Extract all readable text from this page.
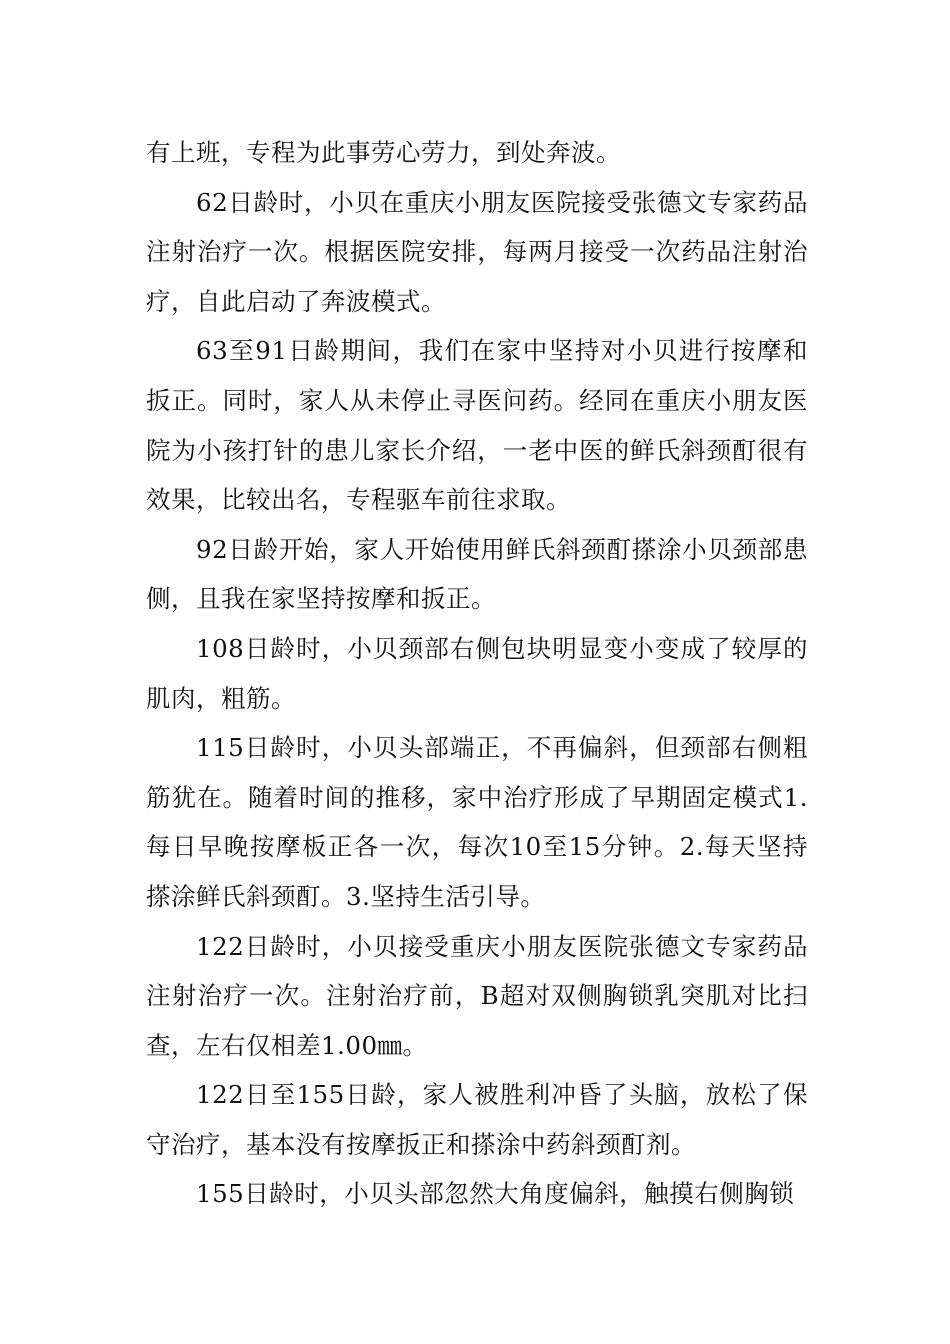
有上班，专程为此事劳心劳力，到处奔波。

62日龄时，小贝在重庆小朋友医院接受张德文专家药品注射治疗一次。根据医院安排，每两月接受一次药品注射治疗，自此启动了奔波模式。

63至91日龄期间，我们在家中坚持对小贝进行按摩和扳正。同时，家人从未停止寻医问药。经同在重庆小朋友医院为小孩打针的患儿家长介绍，一老中医的鲜氏斜颈酊很有效果，比较出名，专程驱车前往求取。

92日龄开始，家人开始使用鲜氏斜颈酊搽涂小贝颈部患侧，且我在家坚持按摩和扳正。

108日龄时，小贝颈部右侧包块明显变小变成了较厚的肌肉，粗筋。

115日龄时，小贝头部端正，不再偏斜，但颈部右侧粗筋犹在。随着时间的推移，家中治疗形成了早期固定模式1.每日早晚按摩板正各一次，每次10至15分钟。2.每天坚持搽涂鲜氏斜颈酊。3.坚持生活引导。

122日龄时，小贝接受重庆小朋友医院张德文专家药品注射治疗一次。注射治疗前，B超对双侧胸锁乳突肌对比扫查，左右仅相差1.00㎜。

122日至155日龄，家人被胜利冲昏了头脑，放松了保守治疗，基本没有按摩扳正和搽涂中药斜颈酊剂。

155日龄时，小贝头部忽然大角度偏斜，触摸右侧胸锁
